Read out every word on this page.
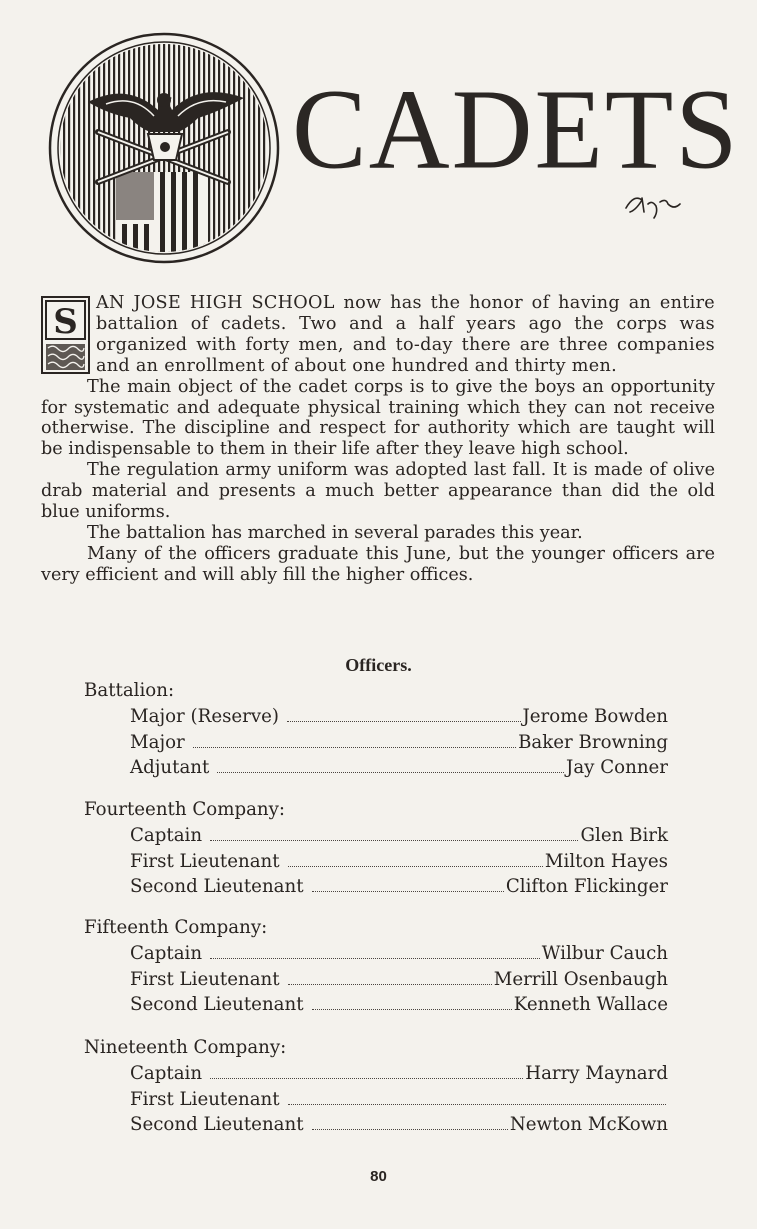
CADETS
S	AN JOSE HIGH SCHOOL now has the honor of having an entire battalion of cadets. Two and a half years ago the corps was organized with forty men, and to-day there are three companies and an enrollment of about one hundred and thirty men.

The main object of the cadet corps is to give the boys an opportunity for systematic and adequate physical training which they can not receive otherwise. The discipline and respect for authority which are taught will be indispensable to them in their life after they leave high school.

The regulation army uniform was adopted last fall. It is made of olive drab material and presents a much better appearance than did the old blue uniforms.

The battalion has marched in several parades this year.

Many of the officers graduate this June, but the younger officers are very efficient and will ably fill the higher offices.

Officers.
Battalion:
Major (Reserve)	Jerome Bowden
Major	Baker Browning
Adjutant	Jay Conner
Fourteenth Company:
Captain	Glen Birk
First Lieutenant	Milton Hayes
Second Lieutenant	Clifton Flickinger
Fifteenth Company:
Captain	Wilbur Cauch
First Lieutenant	Merrill Osenbaugh
Second Lieutenant	Kenneth Wallace
Nineteenth Company:
Captain	Harry Maynard
First Lieutenant
Second Lieutenant	Newton McKown
80
